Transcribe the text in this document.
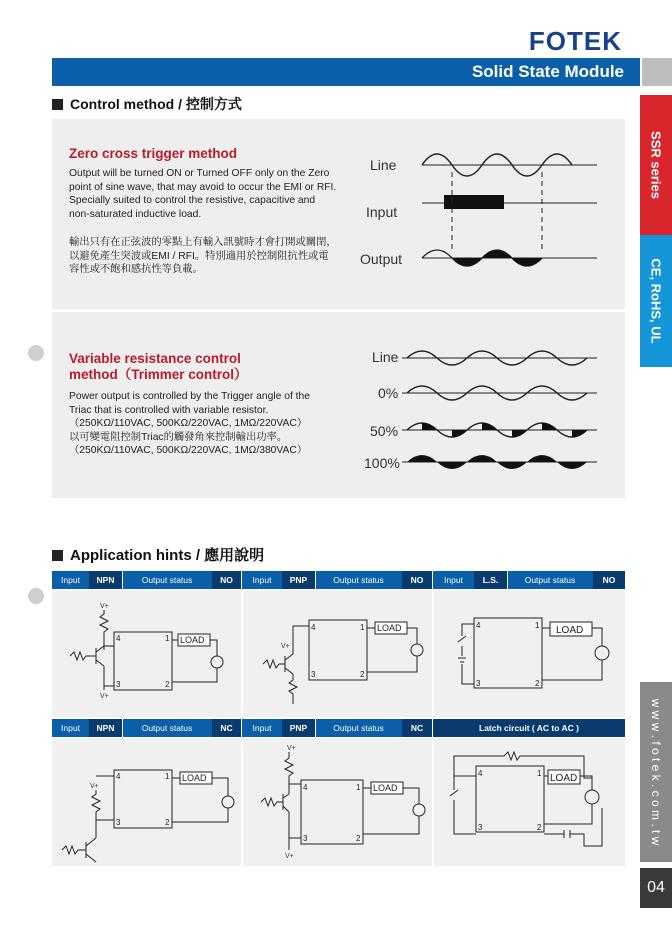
FOTEK
Solid State Module
SSR series
CE, RoHS, UL
w w w . f o t e k . c o m . t w
04
Control method / 控制方式
Zero cross trigger method
Output will be turned ON or Turned OFF only on the Zero point of sine wave, that may avoid to occur the EMI or RFI. Specially suited to control the resistive, capacitive and non-saturated inductive load.
輸出只有在正弦波的零點上有輸入訊號時才會打開或關閉，以避免產生突波或EMI / RFI。特別適用於控制阻抗性或電容性或不飽和感抗性等負載。
Line
Input
Output
Variable resistance control
method（Trimmer control）
Power output is controlled by the Trigger angle of the Triac that is controlled with variable resistor.
（250KΩ/110VAC, 500KΩ/220VAC, 1MΩ/220VAC）
以可變電阻控制Triac的觸發角來控制輸出功率。
（250KΩ/110VAC, 500KΩ/220VAC, 1MΩ/380VAC）
Line
0%
50%
100%
Application hints / 應用說明
Input	NPN	Output status	NO	Input	PNP	Output status	NO	Input	L.S.	Output status	NO
V+
V+
4	1
3	2
LOAD
V+
4	1
3	2
LOAD	4	1
3	2
LOAD
Input	NPN	Output status	NC	Input	PNP	Output status	NC	Latch circuit ( AC to AC )
4	1
3	2
V+
LOAD
V+
V+
4	1
3	2
LOAD
4	1
3	2
LOAD
